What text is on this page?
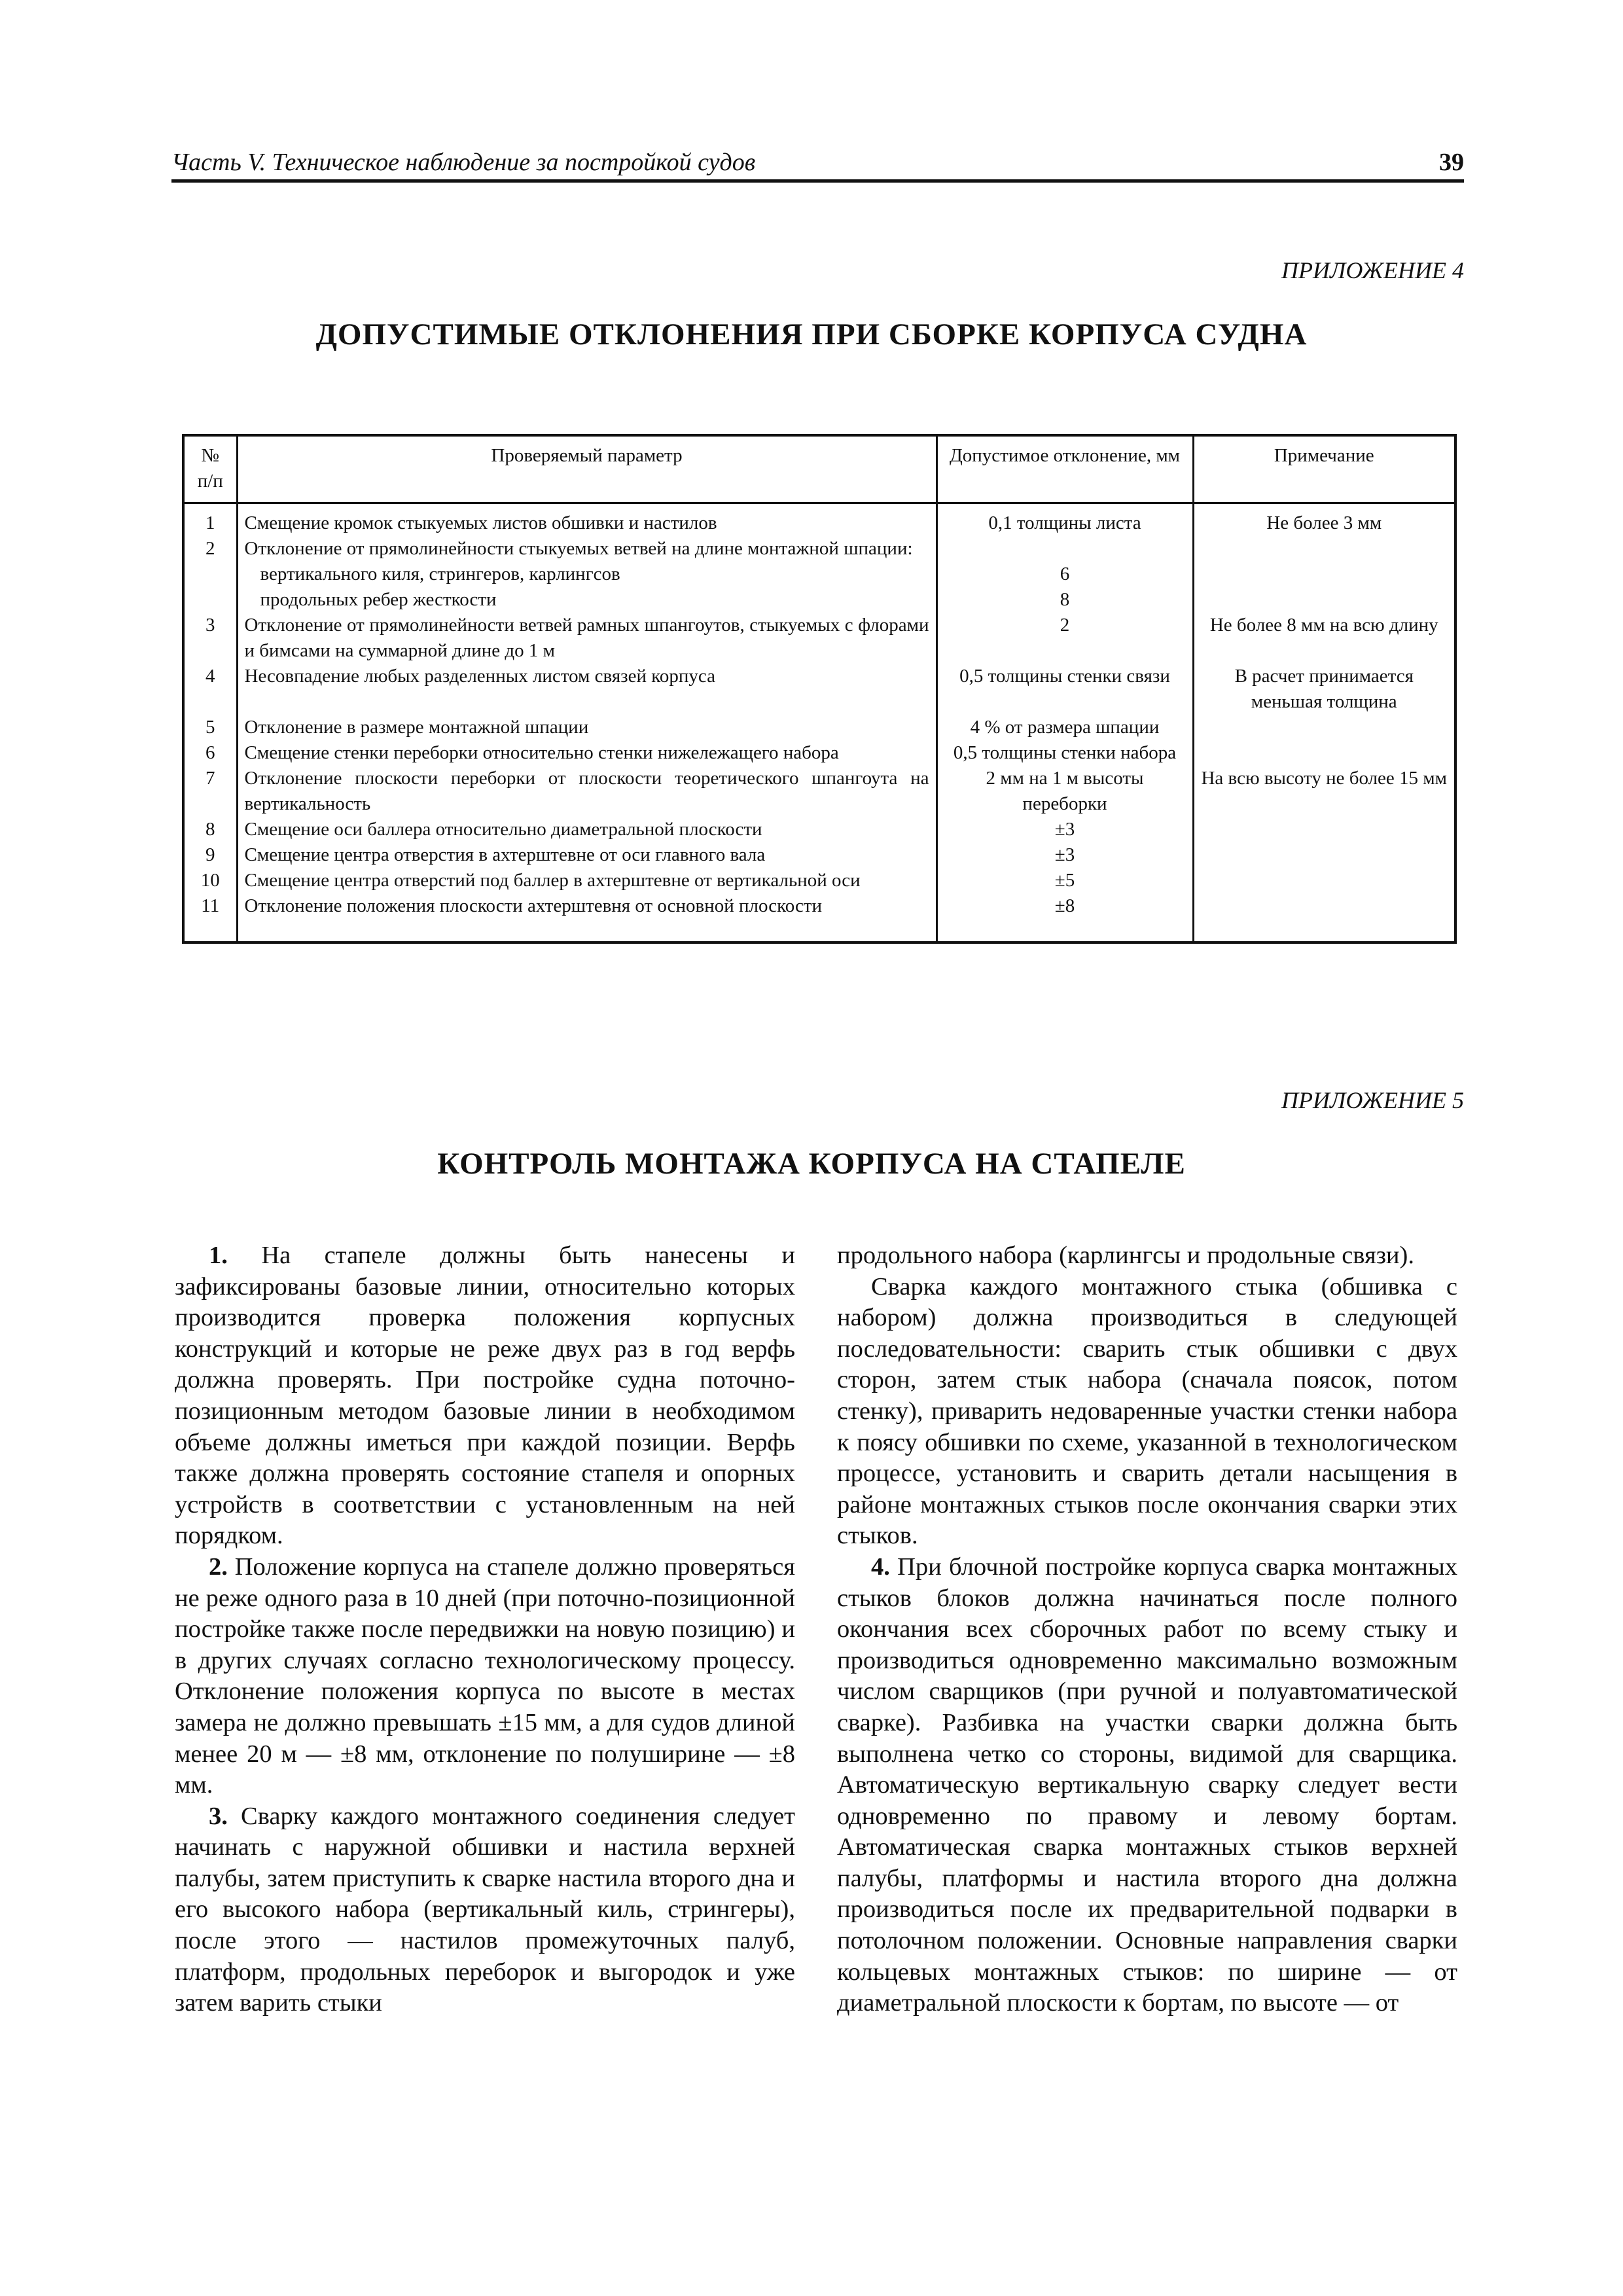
Часть V. Техническое наблюдение за постройкой судов	39
ПРИЛОЖЕНИЕ 4
ДОПУСТИМЫЕ ОТКЛОНЕНИЯ ПРИ СБОРКЕ КОРПУСА СУДНА
№
п/п	Проверяемый параметр	Допустимое отклонение, мм	Примечание
1	Смещение кромок стыкуемых листов обшивки и настилов	0,1 толщины листа	Не более 3 мм
2	Отклонение от прямолинейности стыкуемых ветвей на длине монтажной шпации:		
	вертикального киля, стрингеров, карлингсов	6	
	продольных ребер жесткости	8	
3	Отклонение от прямолинейности ветвей рамных шпангоутов, стыкуемых с флорами и бимсами на суммарной длине до 1 м	2	Не более 8 мм на всю длину
4	Несовпадение любых разделенных листом связей корпуса	0,5 толщины стенки связи	В расчет принимается меньшая толщина
5	Отклонение в размере монтажной шпации	4 % от размера шпации	
6	Смещение стенки переборки относительно стенки нижележащего набора	0,5 толщины стенки набора	
7	Отклонение плоскости переборки от плоскости теоретического шпангоута на вертикальность	2 мм на 1 м высоты переборки	На всю высоту не более 15 мм
8	Смещение оси баллера относительно диаметральной плоскости	±3	
9	Смещение центра отверстия в ахтерштевне от оси главного вала	±3	
10	Смещение центра отверстий под баллер в ахтерштевне от вертикальной оси	±5	
11	Отклонение положения плоскости ахтерштевня от основной плоскости	±8	
ПРИЛОЖЕНИЕ 5
КОНТРОЛЬ МОНТАЖА КОРПУСА НА СТАПЕЛЕ

1. На стапеле должны быть нанесены и зафиксированы базовые линии, относительно которых производится проверка положения корпусных конструкций и которые не реже двух раз в год верфь должна проверять. При постройке судна поточно-позиционным методом базовые линии в необходимом объеме должны иметься при каждой позиции. Верфь также должна проверять состояние стапеля и опорных устройств в соответствии с установленным на ней порядком.

2. Положение корпуса на стапеле должно проверяться не реже одного раза в 10 дней (при поточно-позиционной постройке также после передвижки на новую позицию) и в других случаях согласно технологическому процессу. Отклонение положения корпуса по высоте в местах замера не должно превышать ±15 мм, а для судов длиной менее 20 м — ±8 мм, отклонение по полуширине — ±8 мм.

3. Сварку каждого монтажного соединения следует начинать с наружной обшивки и настила верхней палубы, затем приступить к сварке настила второго дна и его высокого набора (вертикальный киль, стрингеры), после этого — настилов промежуточных палуб, платформ, продольных переборок и выгородок и уже затем варить стыки

продольного набора (карлингсы и продольные связи).

Сварка каждого монтажного стыка (обшивка с набором) должна производиться в следующей последовательности: сварить стык обшивки с двух сторон, затем стык набора (сначала поясок, потом стенку), приварить недоваренные участки стенки набора к поясу обшивки по схеме, указанной в технологическом процессе, установить и сварить детали насыщения в районе монтажных стыков после окончания сварки этих стыков.

4. При блочной постройке корпуса сварка монтажных стыков блоков должна начинаться после полного окончания всех сборочных работ по всему стыку и производиться одновременно максимально возможным числом сварщиков (при ручной и полуавтоматической сварке). Разбивка на участки сварки должна быть выполнена четко со стороны, видимой для сварщика. Автоматическую вертикальную сварку следует вести одновременно по правому и левому бортам. Автоматическая сварка монтажных стыков верхней палубы, платформы и настила второго дна должна производиться после их предварительной подварки в потолочном положении. Основные направления сварки кольцевых монтажных стыков: по ширине — от диаметральной плоскости к бортам, по высоте — от
